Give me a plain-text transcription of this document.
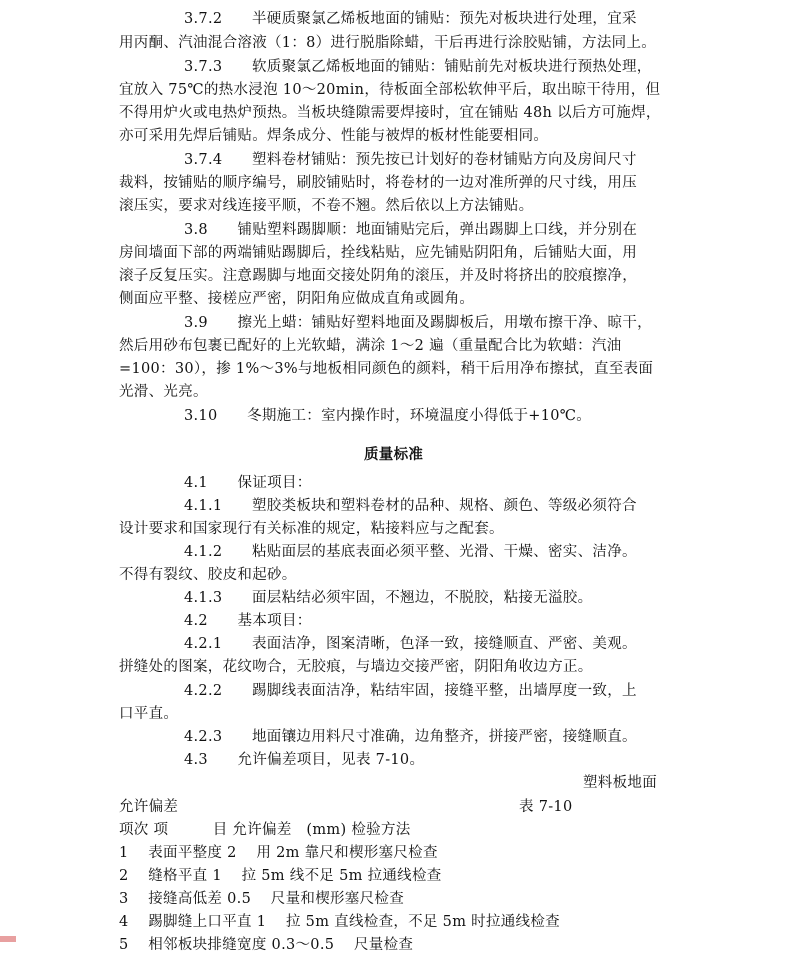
3.7.2　　半硬质聚氯乙烯板地面的铺贴：预先对板块进行处理，宜采
用丙酮、汽油混合溶液（1：8）进行脱脂除蜡，干后再进行涂胶贴铺，方法同上。
3.7.3　　软质聚氯乙烯板地面的铺贴：铺贴前先对板块进行预热处理，
宜放入 75℃的热水浸泡 10～20min，待板面全部松软伸平后，取出晾干待用，但
不得用炉火或电热炉预热。当板块缝隙需要焊接时，宜在铺贴 48h 以后方可施焊，
亦可采用先焊后铺贴。焊条成分、性能与被焊的板材性能要相同。
3.7.4　　塑料卷材铺贴：预先按已计划好的卷材铺贴方向及房间尺寸
裁料，按铺贴的顺序编号，刷胶铺贴时，将卷材的一边对准所弹的尺寸线，用压
滚压实，要求对线连接平顺，不卷不翘。然后依以上方法铺贴。
3.8　　铺贴塑料踢脚顺：地面铺贴完后，弹出踢脚上口线，并分别在
房间墙面下部的两端铺贴踢脚后，拴线粘贴，应先铺贴阴阳角，后铺贴大面，用
滚子反复压实。注意踢脚与地面交接处阴角的滚压，并及时将挤出的胶痕擦净，
侧面应平整、接槎应严密，阴阳角应做成直角或圆角。
3.9　　擦光上蜡：铺贴好塑料地面及踢脚板后，用墩布擦干净、晾干，
然后用砂布包裹已配好的上光软蜡，满涂 1～2 遍（重量配合比为软蜡：汽油
=100：30），掺 1%～3%与地板相同颜色的颜料，稍干后用净布擦拭，直至表面
光滑、光亮。
3.10　　冬期施工：室内操作时，环境温度小得低于+10℃。
质量标准
4.1　　保证项目：
4.1.1　　塑胶类板块和塑料卷材的品种、规格、颜色、等级必须符合
设计要求和国家现行有关标准的规定，粘接料应与之配套。
4.1.2　　粘贴面层的基底表面必须平整、光滑、干燥、密实、洁净。
不得有裂纹、胶皮和起砂。
4.1.3　　面层粘结必须牢固，不翘边，不脱胶，粘接无溢胶。
4.2　　基本项目：
4.2.1　　表面洁净，图案清晰，色泽一致，接缝顺直、严密、美观。
拼缝处的图案，花纹吻合，无胶痕，与墙边交接严密，阴阳角收边方正。
4.2.2　　踢脚线表面洁净，粘结牢固，接缝平整，出墙厚度一致，上
口平直。
4.2.3　　地面镶边用料尺寸准确，边角整齐，拼接严密，接缝顺直。
4.3　　允许偏差项目，见表 7-10。
塑料板地面
允许偏差	表 7-10
项次 项　　　目 允许偏差　(mm) 检验方法
1　 表面平整度 2　 用 2m 靠尺和楔形塞尺检查
2　 缝格平直 1　 拉 5m 线不足 5m 拉通线检查
3　 接缝高低差 0.5　 尺量和楔形塞尺检查
4　 踢脚缝上口平直 1　 拉 5m 直线检查，不足 5m 时拉通线检查
5　 相邻板块排缝宽度 0.3～0.5　 尺量检查
